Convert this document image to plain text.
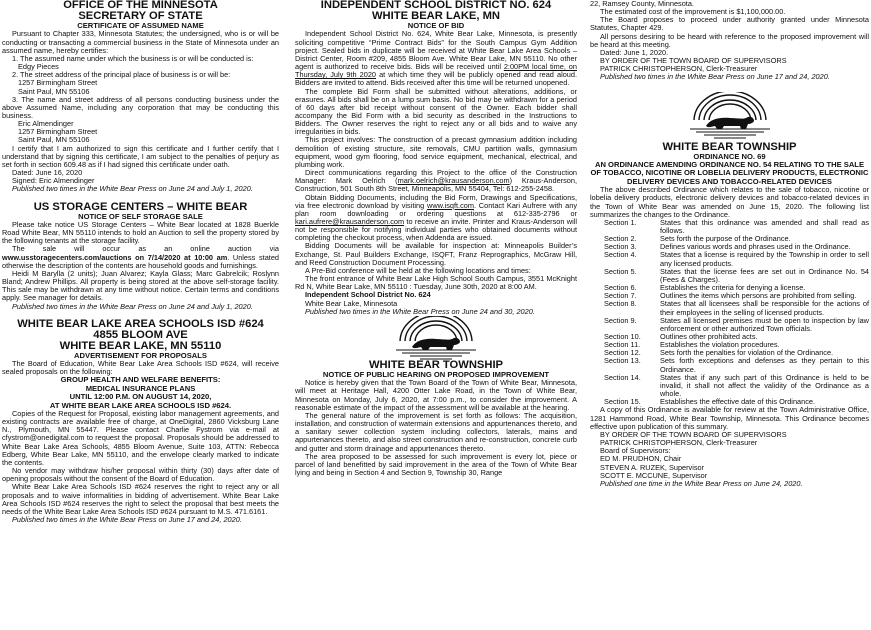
OFFICE OF THE MINNESOTA

SECRETARY OF STATE

CERTIFICATE OF ASSUMED NAME

Pursuant to Chapter 333, Minnesota Statutes; the undersigned, who is or will be conducting or transacting a commercial business in the State of Minnesota under an assumed name, hereby certifies:

1. The assumed name under which the business is or will be conducted is:

Edgy Pieces

2. The street address of the principal place of business is or will be:

1257 Birmingham Street

Saint Paul, MN 55106

3. The name and street address of all persons conducting business under the above Assumed Name, including any corporation that may be conducting this business.

Eric Almendinger

1257 Birmingham Street

Saint Paul, MN 55106

I certify that I am authorized to sign this certificate and I further certify that I understand that by signing this certificate, I am subject to the penalties of perjury as set forth in section 609.48 as if I had signed this certificate under oath.

Dated: June 16, 2020

Signed: Eric Almendinger

Published two times in the White Bear Press on June 24 and July 1, 2020.

US STORAGE CENTERS – WHITE BEAR

NOTICE OF SELF STORAGE SALE

Please take notice US Storage Centers – White Bear located at 1828 Buerkle Road White Bear, MN 55110 intends to hold an Auction to sell the property stored by the following tenants at the storage facility.

The sale will occur as an online auction via www.usstoragecenters.com/auctions on 7/14/2020 at 10:00 am. Unless stated otherwise the description of the contents are household goods and furnishings.

Heidi M Barylla (2 units); Juan Alvarez; Kayla Glass; Marc Gabrelcik; Roslynn Bland; Andrew Phillips. All property is being stored at the above self-storage facility. This sale may be withdrawn at any time without notice. Certain terms and conditions apply. See manager for details.

Published two times in the White Bear Press on June 24 and July 1, 2020.

WHITE BEAR LAKE AREA SCHOOLS ISD #624

4855 BLOOM AVE

WHITE BEAR LAKE, MN 55110

ADVERTISEMENT FOR PROPOSALS

The Board of Education, White Bear Lake Area Schools ISD #624, will receive sealed proposals on the following:

GROUP HEALTH AND WELFARE BENEFITS:

MEDICAL INSURANCE PLANS

UNTIL 12:00 P.M. ON AUGUST 14, 2020,

AT WHITE BEAR LAKE AREA SCHOOLS ISD #624.

Copies of the Request for Proposal, existing labor management agreements, and existing contracts are available free of charge, at OneDigital, 2860 Vicksburg Lane N., Plymouth, MN 55447. Please contact Charlie Fystrom via e-mail at cfystrom@onedigital.com to request the proposal. Proposals should be addressed to White Bear Lake Area Schools, 4855 Bloom Avenue, Suite 103, ATTN: Rebecca Edberg, White Bear Lake, MN 55110, and the envelope clearly marked to indicate the contents.

No vendor may withdraw his/her proposal within thirty (30) days after date of opening proposals without the consent of the Board of Education.

White Bear Lake Area Schools ISD #624 reserves the right to reject any or all proposals and to waive informalities in bidding of advertisement. White Bear Lake Area Schools ISD #624 reserves the right to select the proposal that best meets the needs of the White Bear Lake Area Schools ISD #624 pursuant to M.S. 471.6161.

Published two times in the White Bear Press on June 17 and 24, 2020.

INDEPENDENT SCHOOL DISTRICT NO. 624

WHITE BEAR LAKE, MN

NOTICE OF BID

Independent School District No. 624, White Bear Lake, Minnesota, is presently soliciting competitive “Prime Contract Bids” for the South Campus Gym Addition project. Sealed bids in duplicate will be received at White Bear Lake Area Schools – District Center, Room #209, 4855 Bloom Ave. White Bear Lake, MN 55110. No other agent is authorized to receive bids. Bids will be received until 2:00PM local time, on Thursday, July 9th 2020 at which time they will be publicly opened and read aloud. Bidders are invited to attend. Bids received after this time will be returned unopened.

The complete Bid Form shall be submitted without alterations, additions, or erasures. All bids shall be on a lump sum basis. No bid may be withdrawn for a period of 60 days after bid receipt without consent of the Owner. Each bidder shall accompany the Bid Form with a bid security as described in the Instructions to Bidders. The Owner reserves the right to reject any or all bids and to waive any irregularities in bids.

This project involves: The construction of a precast gymnasium addition including demolition of existing structure, site removals, CMU partition walls, gymnasium equipment, wood gym flooring, food service equipment, mechanical, electrical, and plumbing work.

Direct communications regarding this Project to the office of the Construction Manager: Mark Oelrich (mark.oelrich@krausanderson.com) Kraus-Anderson, Construction, 501 South 8th Street, Minneapolis, MN 55404, Tel: 612-255-2458.

Obtain Bidding Documents, including the Bid Form, Drawings and Specifications, via free electronic download by visiting www.isqft.com. Contact Kari Aufrere with any plan room downloading or ordering questions at 612-335-2796 or kari.aufrere@krausanderson.com to receive an invite. Printer and Kraus-Anderson will not be responsible for notifying individual parties who obtained documents without completing the checkout process, when Addenda are issued.

Bidding Documents will be available for inspection at: Minneapolis Builder’s Exchange, St. Paul Builders Exchange, ISQFT, Franz Reprographics, McGraw Hill, and Reed Construction Document Processing.

A Pre-Bid conference will be held at the following locations and times:

The front entrance of White Bear Lake High School South Campus, 3551 McKnight Rd N, White Bear Lake, MN 55110 : Tuesday, June 30th, 2020 at 8:00 AM.

Independent School District No. 624

White Bear Lake, Minnesota

Published two times in the White Bear Press on June 24 and 30, 2020.

WHITE BEAR TOWNSHIP

NOTICE OF PUBLIC HEARING ON PROPOSED IMPROVEMENT

Notice is hereby given that the Town Board of the Town of White Bear, Minnesota, will meet at Heritage Hall, 4200 Otter Lake Road, in the Town of White Bear, Minnesota on Monday, July 6, 2020, at 7:00 p.m., to consider the improvement. A reasonable estimate of the impact of the assessment will be available at the hearing.

The general nature of the improvement is set forth as follows: The acquisition, installation, and construction of watermain extensions and appurtenances thereto, and a sanitary sewer collection system including collectors, laterals, mains and appurtenances thereto, and also street construction and re-construction, concrete curb and gutter and storm drainage and appurtenances thereto.

The area proposed to be assessed for such improvement is every lot, piece or parcel of land benefitted by said improvement in the area of the Town of White Bear lying and being in Section 4 and Section 9, Township 30, Range

22, Ramsey County, Minnesota.

The estimated cost of the improvement is $1,100,000.00.

The Board proposes to proceed under authority granted under Minnesota Statutes, Chapter 429.

All persons desiring to be heard with reference to the proposed improvement will be heard at this meeting.

Dated: June 1, 2020.

BY ORDER OF THE TOWN BOARD OF SUPERVISORS

PATRICK CHRISTOPHERSON, Clerk-Treasurer

Published two times in the White Bear Press on June 17 and 24, 2020.

WHITE BEAR TOWNSHIP

ORDINANCE NO. 69

AN ORDINANCE AMENDING ORDINANCE NO. 54 RELATING TO THE SALE OF TOBACCO, NICOTINE OR LOBELIA DELIVERY PRODUCTS, ELECTRONIC DELIVERY DEVICES AND TOBACCO-RELATED DEVICES

The above described Ordinance which relates to the sale of tobacco, nicotine or lobelia delivery products, electronic delivery devices and tobacco-related devices in the Town of White Bear was amended on June 15, 2020. The following list summarizes the changes to the Ordinance.

Section 1.	States that this ordinance was amended and shall read as follows.
Section 2.	Sets forth the purpose of the Ordinance.
Section 3.	Defines various words and phrases used in the Ordinance.
Section 4.	States that a license is required by the Township in order to sell any licensed products.
Section 5.	States that the license fees are set out in Ordinance No. 54 (Fees & Charges).
Section 6.	Establishes the criteria for denying a license.
Section 7.	Outlines the items which persons are prohibited from selling.
Section 8.	States that all licensees shall be responsible for the actions of their employees in the selling of licensed products.
Section 9.	States all licensed premises must be open to inspection by law enforcement or other authorized Town officials.
Section 10.	Outlines other prohibited acts.
Section 11.	Establishes the violation procedures.
Section 12.	Sets forth the penalties for violation of the Ordinance.
Section 13.	Sets forth exceptions and defenses as they pertain to this Ordinance.
Section 14.	States that if any such part of this Ordinance is held to be invalid, it shall not affect the validity of the Ordinance as a whole.
Section 15.	Establishes the effective date of this Ordinance.

A copy of this Ordinance is available for review at the Town Administrative Office, 1281 Hammond Road, White Bear Township, Minnesota. This Ordinance becomes effective upon publication of this summary.

BY ORDER OF THE TOWN BOARD OF SUPERVISORS

PATRICK CHRISTOPHERSON, Clerk-Treasurer

Board of Supervisors:

ED M. PRUDHON, Chair

STEVEN A. RUZEK, Supervisor

SCOTT E. MCCUNE, Supervisor

Published one time in the White Bear Press on June 24, 2020.
